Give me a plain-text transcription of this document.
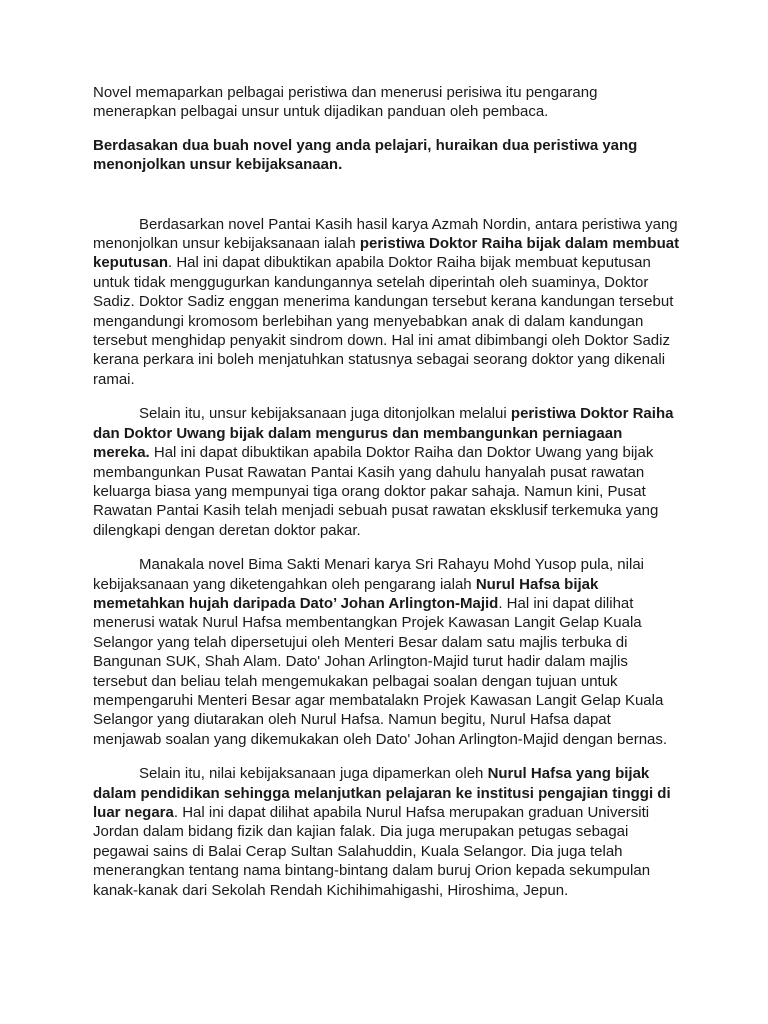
Novel memaparkan pelbagai peristiwa dan menerusi perisiwa itu pengarang menerapkan pelbagai unsur untuk dijadikan panduan oleh pembaca.

Berdasakan dua buah novel yang anda pelajari, huraikan dua peristiwa yang menonjolkan unsur kebijaksanaan.

Berdasarkan novel Pantai Kasih hasil karya Azmah Nordin, antara peristiwa yang menonjolkan unsur kebijaksanaan ialah peristiwa Doktor Raiha bijak dalam membuat keputusan. Hal ini dapat dibuktikan apabila Doktor Raiha bijak membuat keputusan untuk tidak menggugurkan kandungannya setelah diperintah oleh suaminya, Doktor Sadiz. Doktor Sadiz enggan menerima kandungan tersebut kerana kandungan tersebut mengandungi kromosom berlebihan yang menyebabkan anak di dalam kandungan tersebut menghidap penyakit sindrom down. Hal ini amat dibimbangi oleh Doktor Sadiz kerana perkara ini boleh menjatuhkan statusnya sebagai seorang doktor yang dikenali ramai.

Selain itu, unsur kebijaksanaan juga ditonjolkan melalui peristiwa Doktor Raiha dan Doktor Uwang bijak dalam mengurus dan membangunkan perniagaan mereka. Hal ini dapat dibuktikan apabila Doktor Raiha dan Doktor Uwang yang bijak membangunkan Pusat Rawatan Pantai Kasih yang dahulu hanyalah pusat rawatan keluarga biasa yang mempunyai tiga orang doktor pakar sahaja. Namun kini, Pusat Rawatan Pantai Kasih telah menjadi sebuah pusat rawatan eksklusif terkemuka yang dilengkapi dengan deretan doktor pakar.

Manakala novel Bima Sakti Menari karya Sri Rahayu Mohd Yusop pula, nilai kebijaksanaan yang diketengahkan oleh pengarang ialah Nurul Hafsa bijak memetahkan hujah daripada Dato’ Johan Arlington-Majid. Hal ini dapat dilihat menerusi watak Nurul Hafsa membentangkan Projek Kawasan Langit Gelap Kuala Selangor yang telah dipersetujui oleh Menteri Besar dalam satu majlis terbuka di Bangunan SUK, Shah Alam. Dato' Johan Arlington-Majid turut hadir dalam majlis tersebut dan beliau telah mengemukakan pelbagai soalan dengan tujuan untuk mempengaruhi Menteri Besar agar membatalakn Projek Kawasan Langit Gelap Kuala Selangor yang diutarakan oleh Nurul Hafsa. Namun begitu, Nurul Hafsa dapat menjawab soalan yang dikemukakan oleh Dato' Johan Arlington-Majid dengan bernas.

Selain itu, nilai kebijaksanaan juga dipamerkan oleh Nurul Hafsa yang bijak dalam pendidikan sehingga melanjutkan pelajaran ke institusi pengajian tinggi di luar negara. Hal ini dapat dilihat apabila Nurul Hafsa merupakan graduan Universiti Jordan dalam bidang fizik dan kajian falak. Dia juga merupakan petugas sebagai pegawai sains di Balai Cerap Sultan Salahuddin, Kuala Selangor. Dia juga telah menerangkan tentang nama bintang-bintang dalam buruj Orion kepada sekumpulan kanak-kanak dari Sekolah Rendah Kichihimahigashi, Hiroshima, Jepun.
